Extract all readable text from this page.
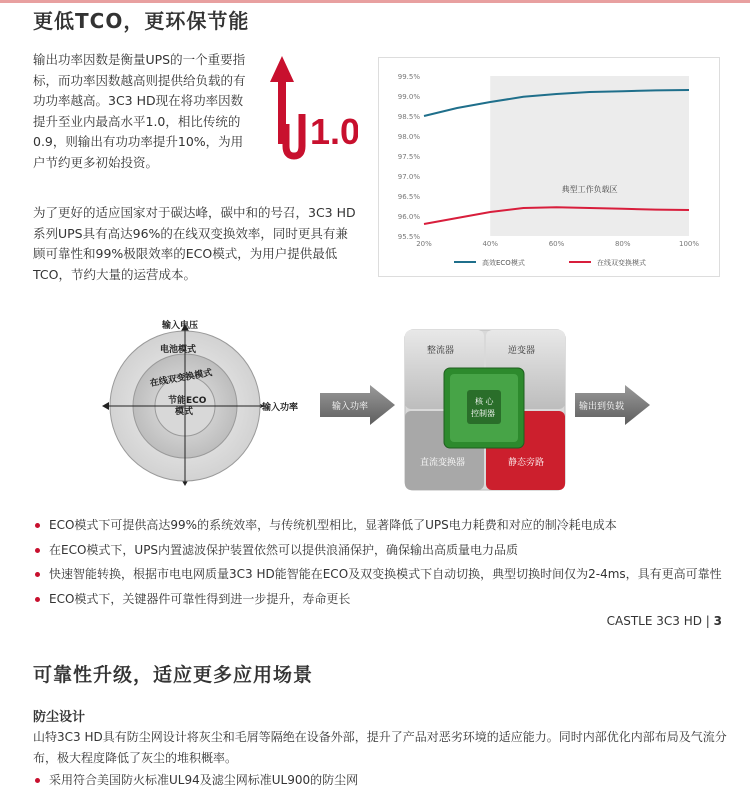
更低TCO，更环保节能
输出功率因数是衡量UPS的一个重要指标，而功率因数越高则提供给负载的有功功率越高。3C3 HD现在将功率因数提升至业内最高水平1.0，相比传统的0.9，则输出有功功率提升10%，为用户节约更多初始投资。
1.0
为了更好的适应国家对于碳达峰，碳中和的号召，3C3 HD系列UPS具有高达96%的在线双变换效率，同时更具有兼顾可靠性和99%极限效率的ECO模式，为用户提供最低TCO，节约大量的运营成本。
95.5%
96.0%
96.5%
97.0%
97.5%
98.0%
98.5%
99.0%
99.5%
20%	40%	60%	80%	100%
典型工作负载区
高效ECO模式	在线双变换模式
输入电压
电池模式
在线双变换模式
节能ECO
模式	输入功率	输入功率
整流器	逆变器
直流变换器	静态旁路
核 心
控制器
输出到负载
ECO模式下可提供高达99%的系统效率，与传统机型相比，显著降低了UPS电力耗费和对应的制冷耗电成本
在ECO模式下，UPS内置滤波保护装置依然可以提供浪涌保护，确保输出高质量电力品质
快速智能转换，根据市电电网质量3C3 HD能智能在ECO及双变换模式下自动切换，典型切换时间仅为2-4ms，具有更高可靠性
ECO模式下，关键器件可靠性得到进一步提升，寿命更长
CASTLE 3C3 HD | 3
可靠性升级，适应更多应用场景
防尘设计
山特3C3 HD具有防尘网设计将灰尘和毛屑等隔绝在设备外部，提升了产品对恶劣环境的适应能力。同时内部优化内部布局及气流分布，极大程度降低了灰尘的堆积概率。
采用符合美国防火标准UL94及滤尘网标准UL900的防尘网
